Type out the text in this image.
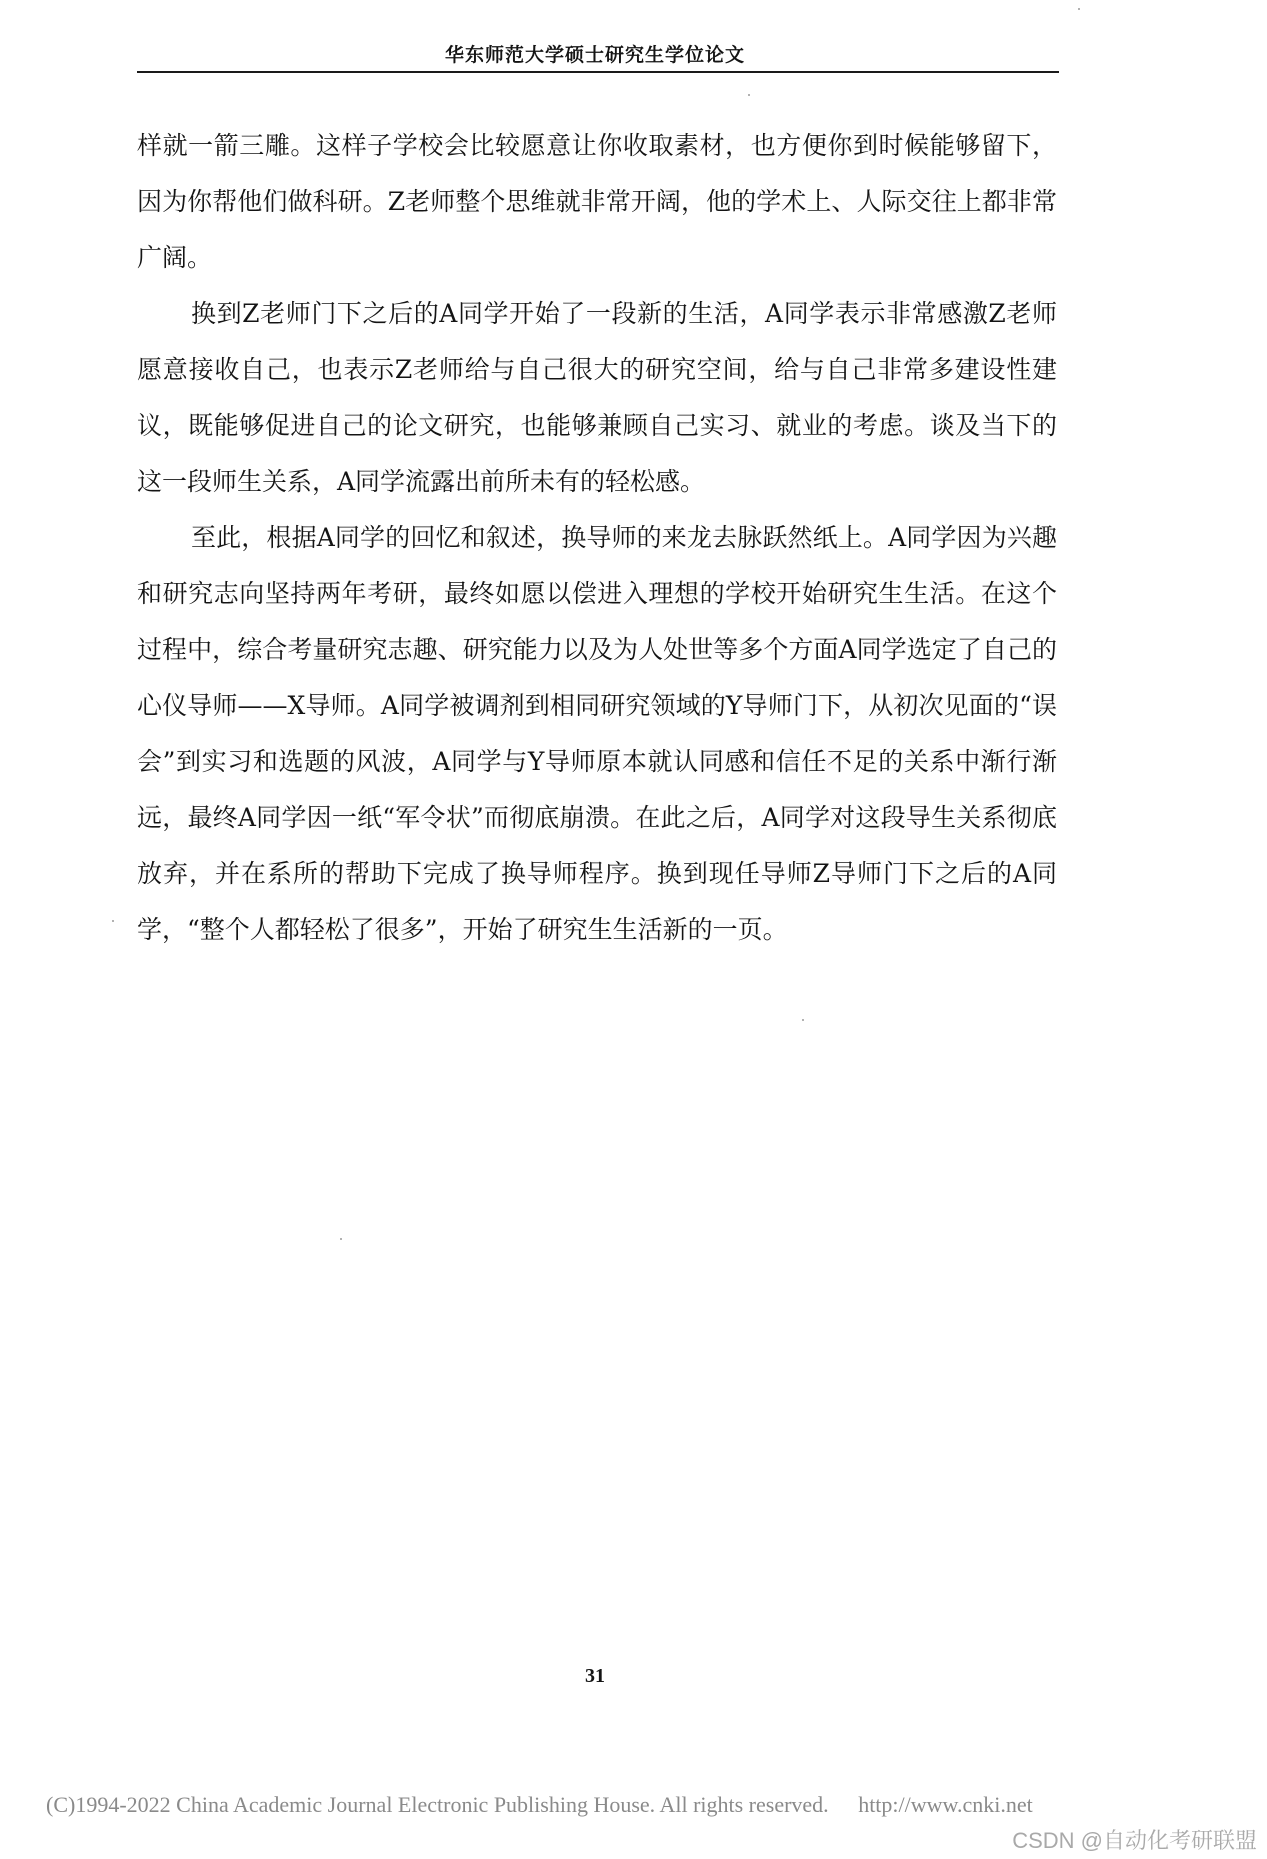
华东师范大学硕士研究生学位论文

样就一箭三雕。这样子学校会比较愿意让你收取素材，也方便你到时候能够留下，因为你帮他们做科研。Z老师整个思维就非常开阔，他的学术上、人际交往上都非常广阔。

换到Z老师门下之后的A同学开始了一段新的生活，A同学表示非常感激Z老师愿意接收自己，也表示Z老师给与自己很大的研究空间，给与自己非常多建设性建议，既能够促进自己的论文研究，也能够兼顾自己实习、就业的考虑。谈及当下的这一段师生关系，A同学流露出前所未有的轻松感。

至此，根据A同学的回忆和叙述，换导师的来龙去脉跃然纸上。A同学因为兴趣和研究志向坚持两年考研，最终如愿以偿进入理想的学校开始研究生生活。在这个过程中，综合考量研究志趣、研究能力以及为人处世等多个方面A同学选定了自己的心仪导师——X导师。A同学被调剂到相同研究领域的Y导师门下，从初次见面的“误会”到实习和选题的风波，A同学与Y导师原本就认同感和信任不足的关系中渐行渐远，最终A同学因一纸“军令状”而彻底崩溃。在此之后，A同学对这段导生关系彻底放弃，并在系所的帮助下完成了换导师程序。换到现任导师Z导师门下之后的A同学，“整个人都轻松了很多”，开始了研究生生活新的一页。

31
(C)1994-2022 China Academic Journal Electronic Publishing House. All rights reserved. http://www.cnki.net
CSDN @自动化考研联盟
